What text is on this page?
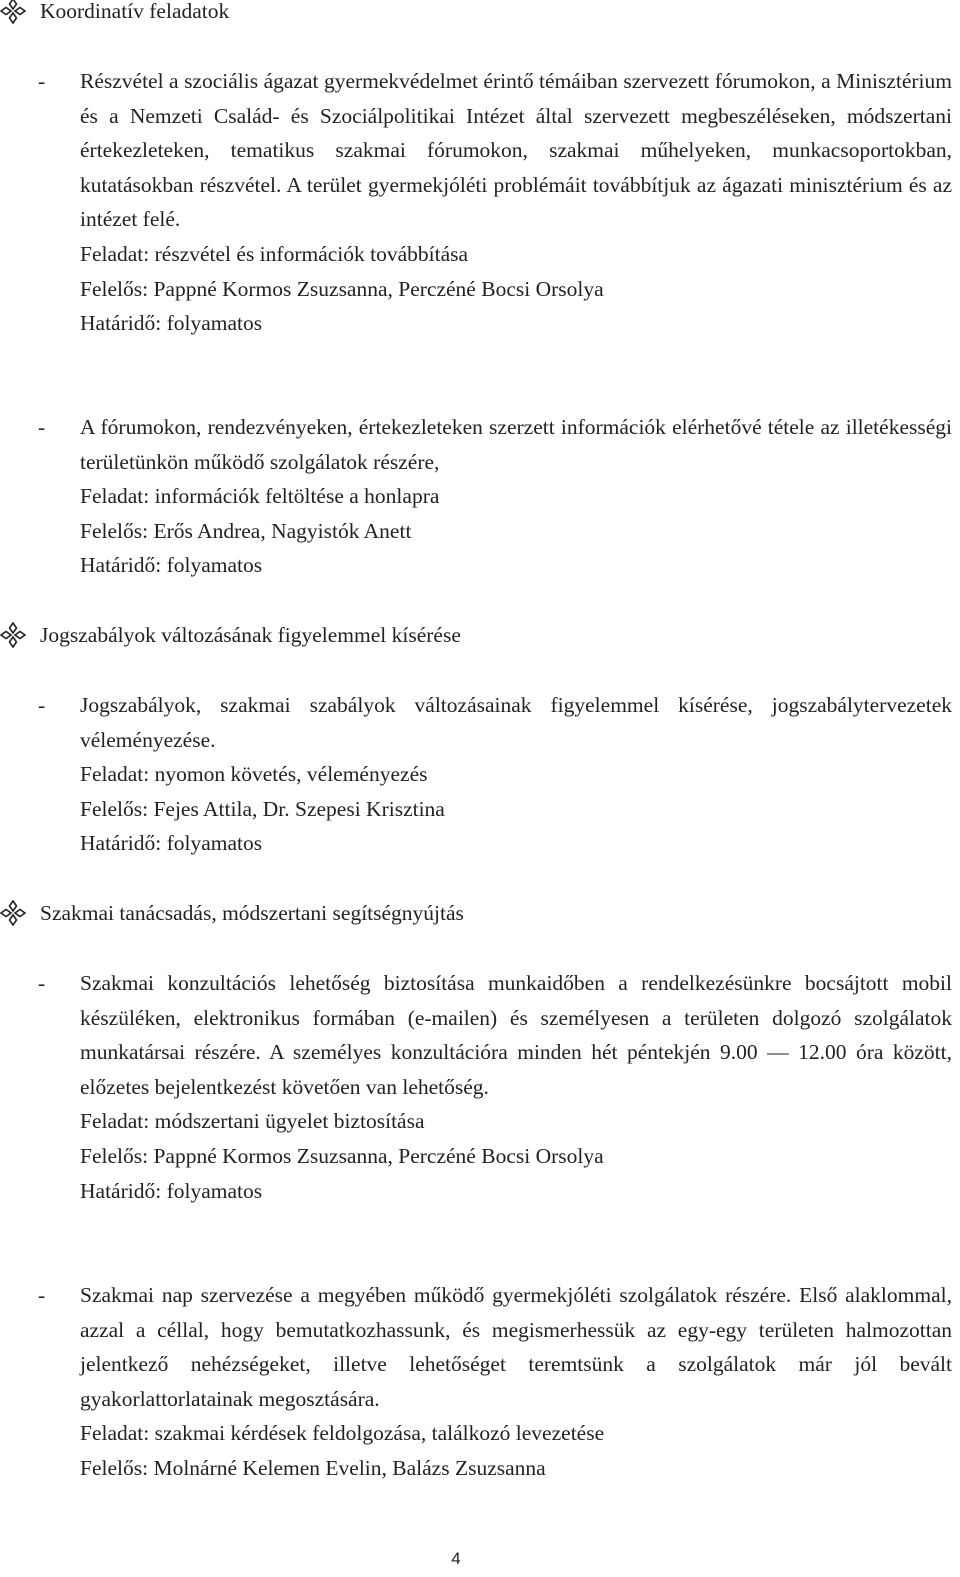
Koordinatív feladatok
- Részvétel a szociális ágazat gyermekvédelmet érintő témáiban szervezett fórumokon, a Minisztérium és a Nemzeti Család- és Szociálpolitikai Intézet által szervezett megbeszéléseken, módszertani értekezleteken, tematikus szakmai fórumokon, szakmai műhelyeken, munkacsoportokban, kutatásokban részvétel. A terület gyermekjóléti problémáit továbbítjuk az ágazati minisztérium és az intézet felé.

Feladat: részvétel és információk továbbítása
Felelős: Pappné Kormos Zsuzsanna, Perczéné Bocsi Orsolya
Határidő: folyamatos
- A fórumokon, rendezvényeken, értekezleteken szerzett információk elérhetővé tétele az illetékességi területünkön működő szolgálatok részére,

Feladat: információk feltöltése a honlapra
Felelős: Erős Andrea, Nagyistók Anett
Határidő: folyamatos
Jogszabályok változásának figyelemmel kísérése
- Jogszabályok, szakmai szabályok változásainak figyelemmel kísérése, jogszabálytervezetek véleményezése.

Feladat: nyomon követés, véleményezés
Felelős: Fejes Attila, Dr. Szepesi Krisztina
Határidő: folyamatos
Szakmai tanácsadás, módszertani segítségnyújtás
- Szakmai konzultációs lehetőség biztosítása munkaidőben a rendelkezésünkre bocsájtott mobil készüléken, elektronikus formában (e-mailen) és személyesen a területen dolgozó szolgálatok munkatársai részére. A személyes konzultációra minden hét péntekjén 9.00 — 12.00 óra között, előzetes bejelentkezést követően van lehetőség.

Feladat: módszertani ügyelet biztosítása
Felelős: Pappné Kormos Zsuzsanna, Perczéné Bocsi Orsolya
Határidő: folyamatos
- Szakmai nap szervezése a megyében működő gyermekjóléti szolgálatok részére. Első alaklommal, azzal a céllal, hogy bemutatkozhassunk, és megismerhessük az egy-egy területen halmozottan jelentkező nehézségeket, illetve lehetőséget teremtsünk a szolgálatok már jól bevált gyakorlattorlatainak megosztására.

Feladat: szakmai kérdések feldolgozása, találkozó levezetése
Felelős: Molnárné Kelemen Evelin, Balázs Zsuzsanna
4
